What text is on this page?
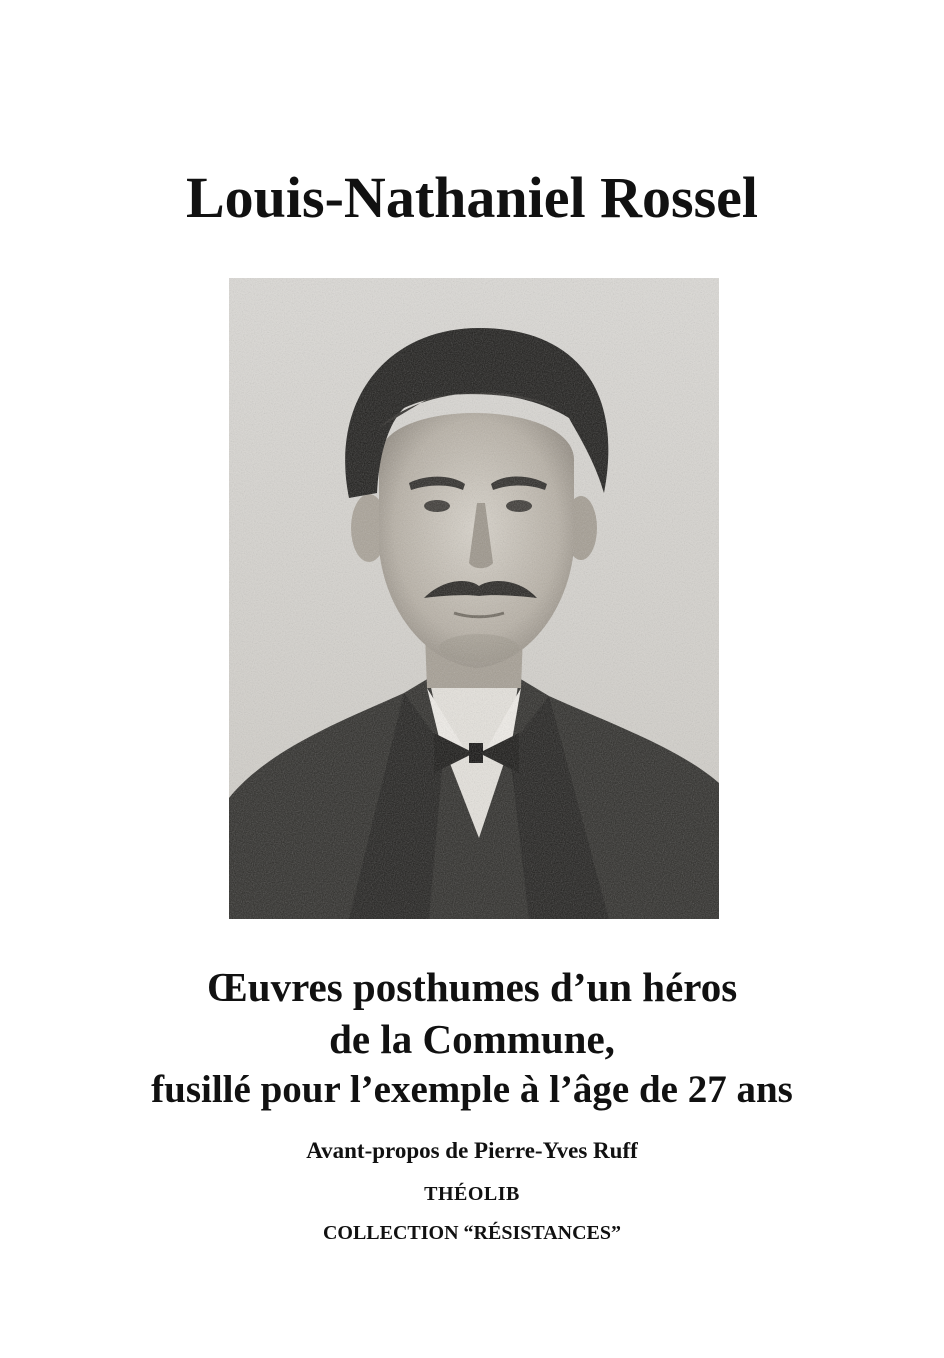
Louis-Nathaniel Rossel
Œuvres posthumes d’un héros
de la Commune,
fusillé pour l’exemple à l’âge de 27 ans
Avant-propos de Pierre-Yves Ruff
THÉOLIB
COLLECTION “RÉSISTANCES”
